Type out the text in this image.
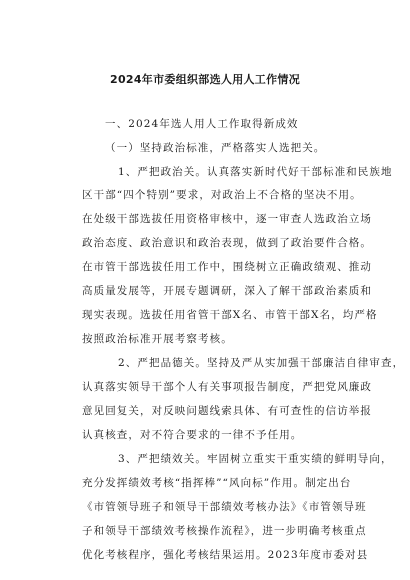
2024年市委组织部选人用人工作情况
一、2024年选人用人工作取得新成效
（一）坚持政治标准，严格落实人选把关。
1、严把政治关。认真落实新时代好干部标准和民族地
区干部“四个特别”要求，对政治上不合格的坚决不用。
在处级干部选拔任用资格审核中，逐一审查人选政治立场
政治态度、政治意识和政治表现，做到了政治要件合格。
在市管干部选拔任用工作中，围绕树立正确政绩观、推动
高质量发展等，开展专题调研，深入了解干部政治素质和
现实表现。选拔任用省管干部X名、市管干部X名，均严格
按照政治标准开展考察考核。
2、严把品德关。坚持及严从实加强干部廉洁自律审查，
认真落实领导干部个人有关事项报告制度，严把党风廉政
意见回复关，对反映问题线索具体、有可查性的信访举报
认真核查，对不符合要求的一律不予任用。
3、严把绩效关。牢固树立重实干重实绩的鲜明导向，
充分发挥绩效考核“指挥棒”“风向标”作用。制定出台
《市管领导班子和领导干部绩效考核办法》《市管领导班
子和领导干部绩效考核操作流程》，进一步明确考核重点
优化考核程序，强化考核结果运用。2023年度市委对县
